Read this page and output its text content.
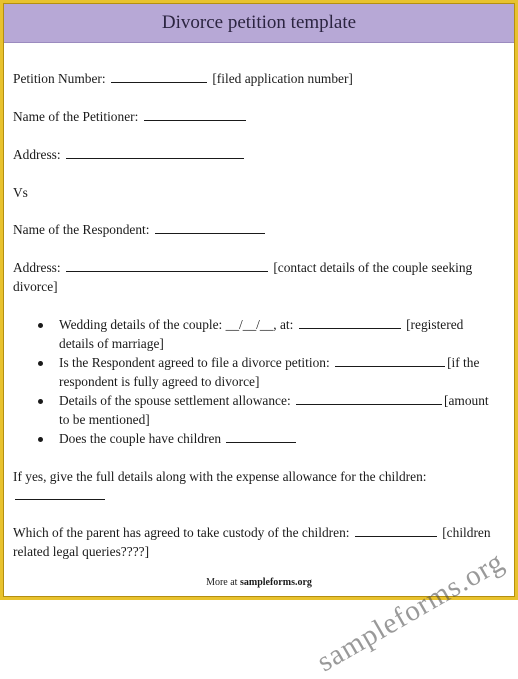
Divorce petition template
Petition Number:	[filed application number]
Name of the Petitioner:
Address:
Vs
Name of the Respondent:
Address:	[contact details of the couple seeking
divorce]
Wedding details of the couple: __/__/__, at:	[registered
details of marriage]
Is the Respondent agreed to file a divorce petition:	[if the
respondent is fully agreed to divorce]
Details of the spouse settlement allowance:	[amount
to be mentioned]
Does the couple have children
If yes, give the full details along with the expense allowance for the children:

Which of the parent has agreed to take custody of the children:	[children
related legal queries????]	sampleforms.org
More at sampleforms.org
